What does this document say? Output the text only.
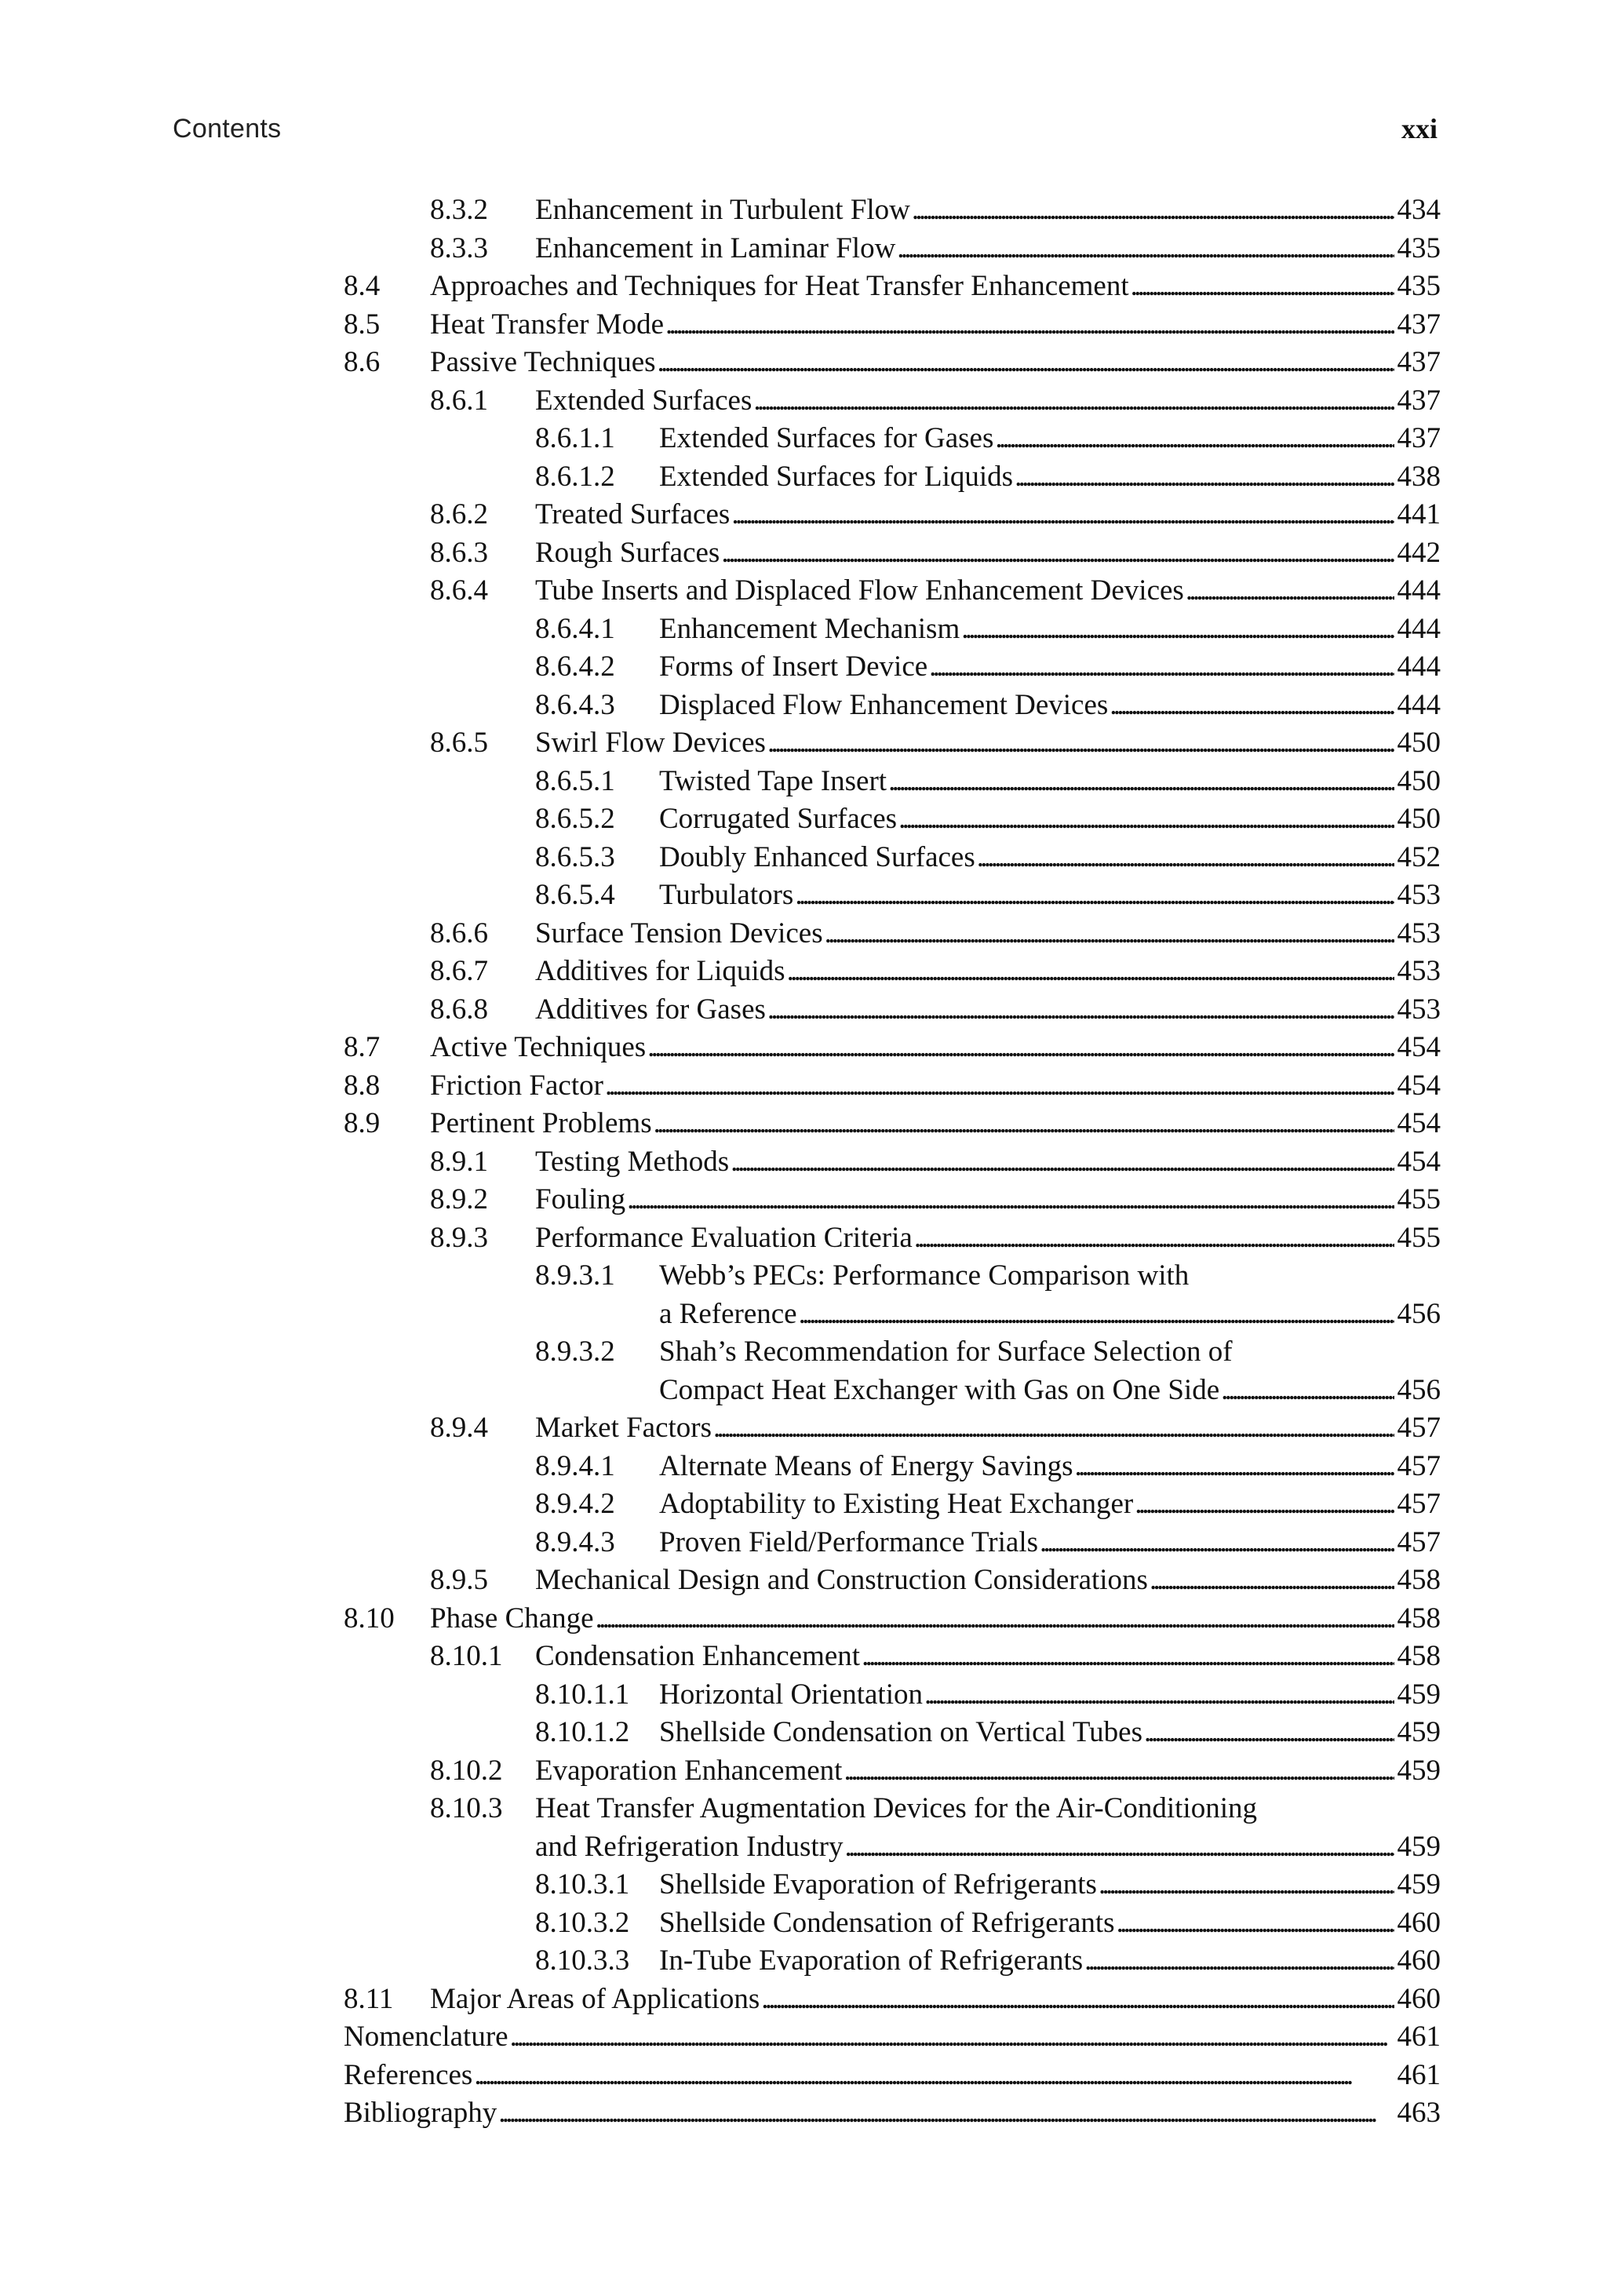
Contents	xxi
8.3.2 Enhancement in Turbulent Flow . . .	434
8.3.3 Enhancement in Laminar Flow . . .	435
8.4 Approaches and Techniques for Heat Transfer Enhancement . . .	435
8.5 Heat Transfer Mode . . .	437
8.6 Passive Techniques . . .	437
8.6.1 Extended Surfaces . . .	437
8.6.1.1 Extended Surfaces for Gases . . .	437
8.6.1.2 Extended Surfaces for Liquids . . .	438
8.6.2 Treated Surfaces . . .	441
8.6.3 Rough Surfaces . . .	442
8.6.4 Tube Inserts and Displaced Flow Enhancement Devices . . .	444
8.6.4.1 Enhancement Mechanism . . .	444
8.6.4.2 Forms of Insert Device . . .	444
8.6.4.3 Displaced Flow Enhancement Devices . . .	444
8.6.5 Swirl Flow Devices . . .	450
8.6.5.1 Twisted Tape Insert . . .	450
8.6.5.2 Corrugated Surfaces . . .	450
8.6.5.3 Doubly Enhanced Surfaces . . .	452
8.6.5.4 Turbulators . . .	453
8.6.6 Surface Tension Devices . . .	453
8.6.7 Additives for Liquids . . .	453
8.6.8 Additives for Gases . . .	453
8.7 Active Techniques . . .	454
8.8 Friction Factor . . .	454
8.9 Pertinent Problems . . .	454
8.9.1 Testing Methods . . .	454
8.9.2 Fouling . . .	455
8.9.3 Performance Evaluation Criteria . . .	455
8.9.3.1 Webb’s PECs: Performance Comparison with
a Reference . . .	456
8.9.3.2 Shah’s Recommendation for Surface Selection of
Compact Heat Exchanger with Gas on One Side . . .	456
8.9.4 Market Factors . . .	457
8.9.4.1 Alternate Means of Energy Savings . . .	457
8.9.4.2 Adoptability to Existing Heat Exchanger . . .	457
8.9.4.3 Proven Field/Performance Trials . . .	457
8.9.5 Mechanical Design and Construction Considerations . . .	458
8.10 Phase Change . . .	458
8.10.1 Condensation Enhancement . . .	458
8.10.1.1 Horizontal Orientation . . .	459
8.10.1.2 Shellside Condensation on Vertical Tubes . . .	459
8.10.2 Evaporation Enhancement . . .	459
8.10.3 Heat Transfer Augmentation Devices for the Air-Conditioning
and Refrigeration Industry . . .	459
8.10.3.1 Shellside Evaporation of Refrigerants . . .	459
8.10.3.2 Shellside Condensation of Refrigerants . . .	460
8.10.3.3 In-Tube Evaporation of Refrigerants . . .	460
8.11 Major Areas of Applications . . .	460
Nomenclature . . .	461
References . . .	461
Bibliography . . .	463
